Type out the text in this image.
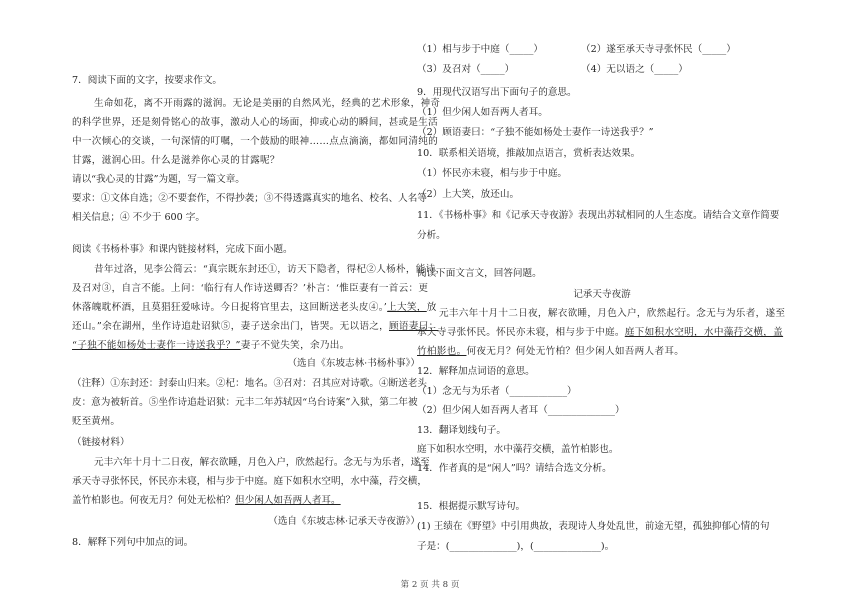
7．阅读下面的文字，按要求作文。
生命如花，离不开雨露的滋润。无论是美丽的自然风光，经典的艺术形象，神奇
的科学世界，还是刻骨铭心的故事，激动人心的场面，抑或心动的瞬间，甚或是生活
中一次倾心的交谈，一句深情的叮嘱，一个鼓励的眼神……点点滴滴，都如同清纯的
甘露，滋润心田。什么是滋养你心灵的甘露呢？
请以“我心灵的甘露”为题，写一篇文章。
要求：①文体自选；②不要套作，不得抄袭；③不得透露真实的地名、校名、人名等
相关信息；④ 不少于 600 字。
阅读《书杨朴事》和课内链接材料，完成下面小题。
昔年过洛，见李公简云：“真宗既东封还①，访天下隐者，得杞②人杨朴，能诗，
及召对③，自言不能。上问：‘临行有人作诗送卿否？’朴言：‘惟臣妻有一首云：更
休落魄耽杯酒，且莫猖狂爱咏诗。今日捉将官里去，这回断送老头皮④。’上大笑，放
还山。”余在湖州，坐作诗追赴诏狱⑤，妻子送余出门，皆哭。无以语之，顾语妻曰：
“子独不能如杨处士妻作一诗送我乎？”妻子不觉失笑，余乃出。
（选自《东坡志林·书杨朴事》）
（注释）①东封还：封泰山归来。②杞：地名。③召对：召其应对诗歌。④断送老头
皮：意为被斩首。⑤坐作诗追赴诏狱：元丰二年苏轼因“乌台诗案”入狱，第二年被
贬至黄州。
（链接材料）
元丰六年十月十二日夜，解衣欲睡，月色入户，欣然起行。念无与为乐者，遂至
承天寺寻张怀民，怀民亦未寝，相与步于中庭。庭下如积水空明，水中藻，荇交横，
盖竹柏影也。何夜无月？何处无松柏？但少闲人如吾两人者耳。
（选自《东坡志林·记承天寺夜游》）
8．解释下列句中加点的词。
（1）相与步于中庭（_____）	（2）遂至承天寺寻张怀民（_____）
（3）及召对（_____）	（4）无以语之（_____）
9．用现代汉语写出下面句子的意思。
（1）但少闲人如吾两人者耳。
（2）顾语妻曰：“子独不能如杨处士妻作一诗送我乎？”
10．联系相关语境，推敲加点语言，赏析表达效果。
（1）怀民亦未寝，相与步于中庭。
（2）上大笑，放还山。
11．《书杨朴事》和《记承天寺夜游》表现出苏轼相同的人生态度。请结合文章作简要
分析。
阅读下面文言文，回答问题。
记承天寺夜游
元丰六年十月十二日夜，解衣欲睡，月色入户，欣然起行。念无与为乐者，遂至
承天寺寻张怀民。怀民亦未寝，相与步于中庭。庭下如积水空明，水中藻荇交横，盖
竹柏影也。何夜无月？何处无竹柏？但少闲人如吾两人者耳。
12．解释加点词语的意思。
（1）念无与为乐者（____________）
（2）但少闲人如吾两人者耳（______________）
13．翻译划线句子。
庭下如积水空明，水中藻荇交横，盖竹柏影也。
14．作者真的是“闲人”吗？请结合选文分析。
15．根据提示默写诗句。
(1) 王绩在《野望》中引用典故，表现诗人身处乱世，前途无望，孤独抑郁心情的句
子是：(______________)，(______________)。
第 2 页 共 8 页
